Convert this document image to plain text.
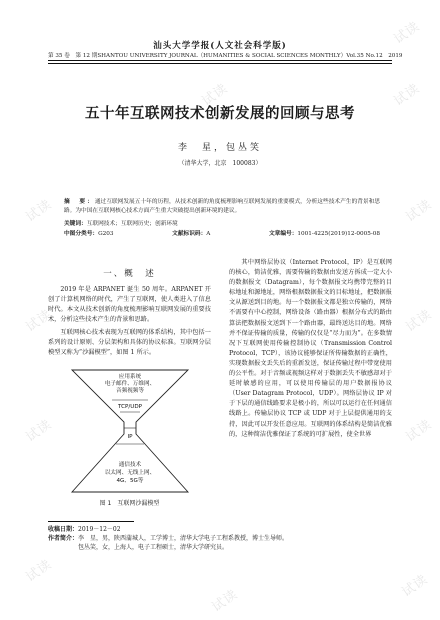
试读
试读	试读
试读	试读
试读	试读
试读	试读
试读
试读
试读
汕头大学学报(人文社会科学版)
第 35 卷　第 12 期 SHANTOU UNIVERSITY JOURNAL（HUMANITIES & SOCIAL SCIENCES MONTHLY） Vol.35 No.12　2019
五十年互联网技术创新发展的回顾与思考
李　星，包丛笑
（清华大学，北京　100083）
摘　要：通过互联网发展五十年的历程，从技术创新的角度梳理影响互联网发展的重要模式，分析这些技术产生的背景和思路。为中国在互联网核心技术方面产生重大突破提出创新环境的建议。
关键词：互联网技术；互联网历史；创新环境
中图分类号：G203	文献标识码：A	文章编号：1001-4225(2019)12-0005-08
一、概　述
2019 年是 ARPANET 诞生 50 周年。ARPANET 开创了计算机网络的时代，产生了互联网，使人类进入了信息时代。本文从技术创新的角度梳理影响互联网发展的重要技术，分析这些技术产生的背景和思路。
互联网核心技术表现为互联网的体系结构，其中包括一系列的设计原则、分层架构和具体的协议标准。互联网分层模型又称为“沙漏模型”，如图 1 所示。
应用系统
电子邮件、万维网、
音频视频等
TCP/UDP
IP
通信技术
以太网、无线上网、
4G、5G等
图 1　互联网沙漏模型
其中网络层协议（Internet Protocol，IP）是互联网的核心，简洁优雅，需要传输的数据由发送方拆成一定大小的数据报文（Datagram），每个数据报文均携带完整的目标地址和源地址，网络根据数据报文的目标地址，把数据报文从源送到目的地。每一个数据报文都是独立传输的，网络不需要有中心控制，网络设备（路由器）根据分布式的路由算法把数据报文送到下一个路由器，最终送达目的地。网络并不保证传输的质量，传输的仅仅是“尽力而为”。在多数情况下互联网使用传输控制协议（Transmission Control Protocol，TCP），该协议能够保证所传输数据的正确性，实现数据报文丢失后的重新发送，保证传输过程中带宽使用的公平性。对于音频或视频这样对于数据丢失不敏感却对于延时敏感的应用，可以使用传输层的用户数据报协议（User Datagram Protocol，UDP）。网络层协议 IP 对于下层的通信线路要求是极小的，所以可以运行在任何通信线路上。传输层协议 TCP 或 UDP 对于上层提供通用的支持，因此可以开发任意应用。互联网的体系结构是简洁优雅的，这种简洁优雅保证了系统的可扩展性，使全世界
收稿日期：2019－12－02
作者简介：李　星，男，陕西蒲城人，工学博士，清华大学电子工程系教授，博士生导师。
包丛笑，女，上海人，电子工程硕士，清华大学研究员。
